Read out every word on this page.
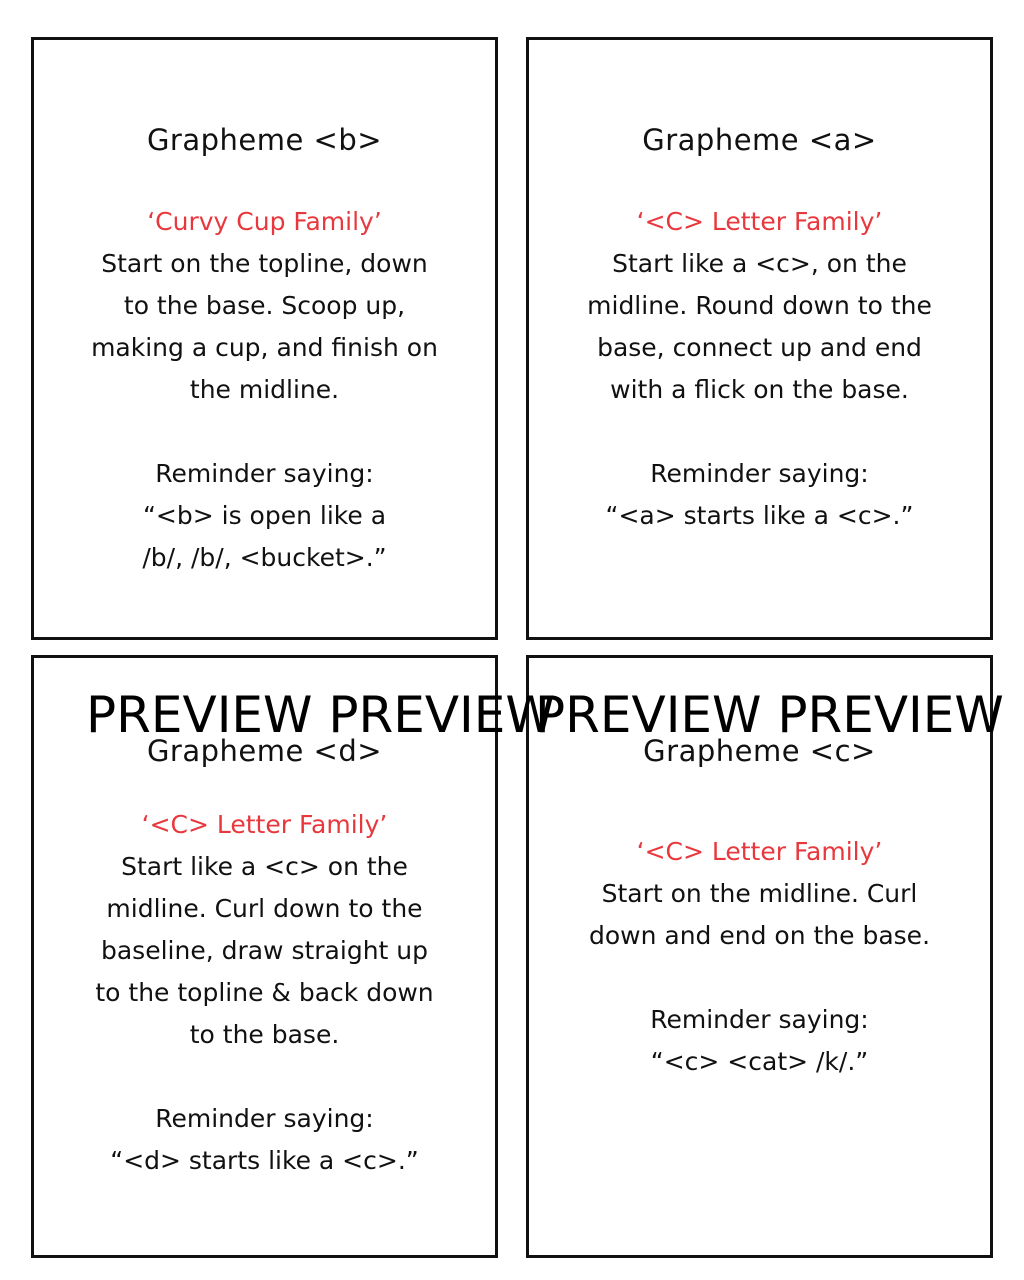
Grapheme <b>

‘Curvy Cup Family’

Start on the topline, down
to the base. Scoop up,
making a cup, and finish on
the midline.
Reminder saying:
“<b> is open like a
/b/, /b/, <bucket>.”

Grapheme <a>

‘<C> Letter Family’

Start like a <c>, on the
midline. Round down to the
base, connect up and end
with a flick on the base.
Reminder saying:
“<a> starts like a <c>.”

Grapheme <d>

‘<C> Letter Family’

Start like a <c> on the
midline. Curl down to the
baseline, draw straight up
to the topline & back down
to the base.
Reminder saying:
“<d> starts like a <c>.”

Grapheme <c>

‘<C> Letter Family’

Start on the midline. Curl
down and end on the base.
Reminder saying:
“<c> <cat> /k/.”
PREVIEW PREVIEW
PREVIEW PREVIEW
